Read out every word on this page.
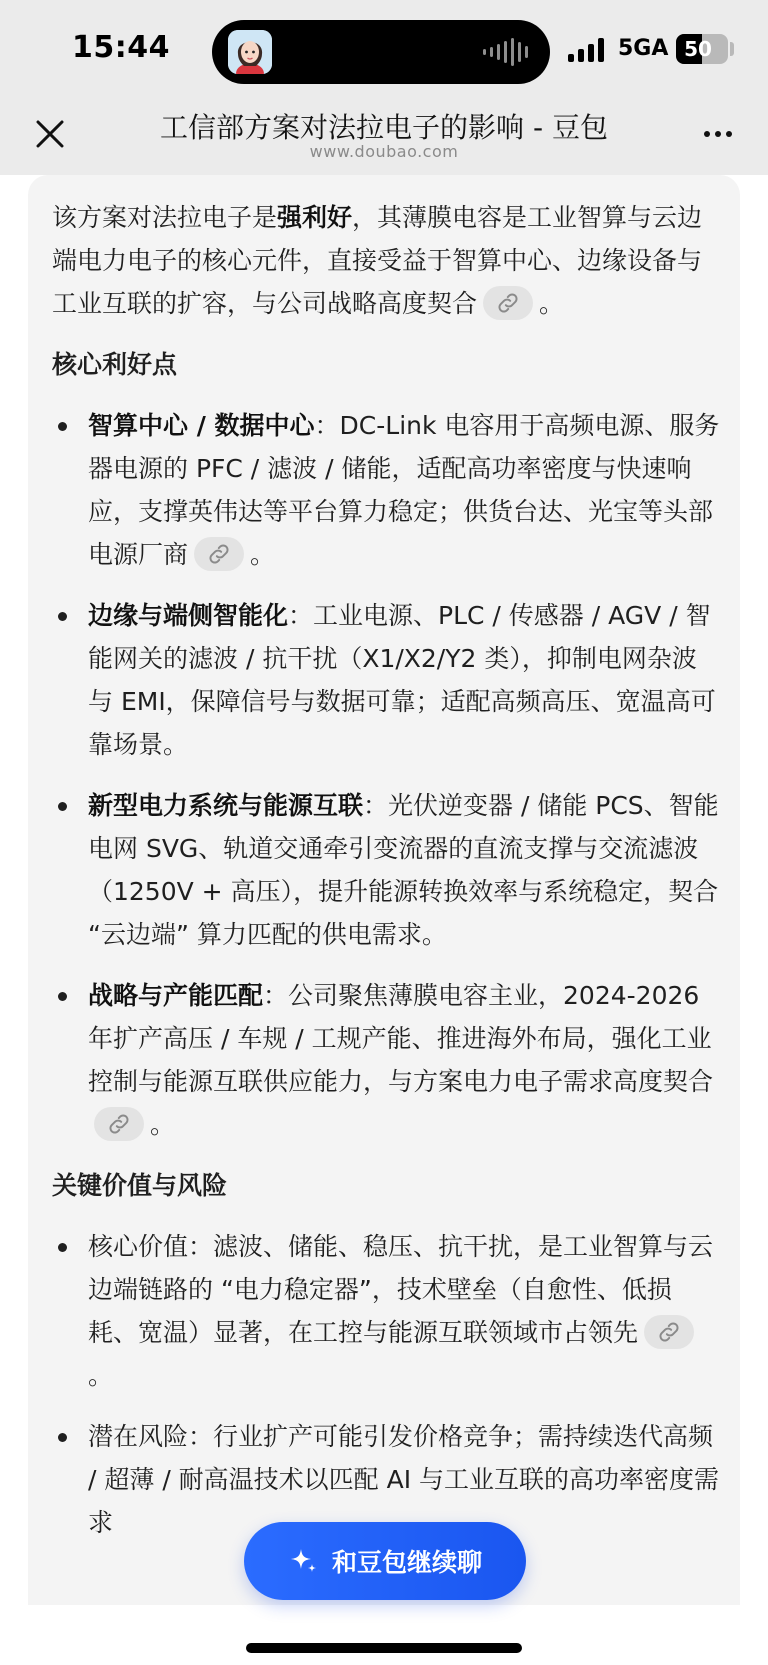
15:44	5GA 50
工信部方案对法拉电子的影响 - 豆包
www.doubao.com

该方案对法拉电子是强利好，其薄膜电容是工业智算与云边端电力电子的核心元件，直接受益于智算中心、边缘设备与工业互联的扩容，与公司战略高度契合 。

核心利好点
智算中心 / 数据中心：DC-Link 电容用于高频电源、服务器电源的 PFC / 滤波 / 储能，适配高功率密度与快速响应，支撑英伟达等平台算力稳定；供货台达、光宝等头部电源厂商 。
边缘与端侧智能化：工业电源、PLC / 传感器 / AGV / 智能网关的滤波 / 抗干扰（X1/X2/Y2 类），抑制电网杂波与 EMI，保障信号与数据可靠；适配高频高压、宽温高可靠场景。
新型电力系统与能源互联：光伏逆变器 / 储能 PCS、智能电网 SVG、轨道交通牵引变流器的直流支撑与交流滤波（1250V + 高压），提升能源转换效率与系统稳定，契合 “云边端” 算力匹配的供电需求。
战略与产能匹配：公司聚焦薄膜电容主业，2024-2026 年扩产高压 / 车规 / 工规产能、推进海外布局，强化工业控制与能源互联供应能力，与方案电力电子需求高度契合
。
关键价值与风险
核心价值：滤波、储能、稳压、抗干扰，是工业智算与云边端链路的 “电力稳定器”，技术壁垒（自愈性、低损耗、宽温）显著，在工控与能源互联领域市占领先
。
潜在风险：行业扩产可能引发价格竞争；需持续迭代高频 / 超薄 / 耐高温技术以匹配 AI 与工业互联的高功率密度需求
和豆包继续聊
